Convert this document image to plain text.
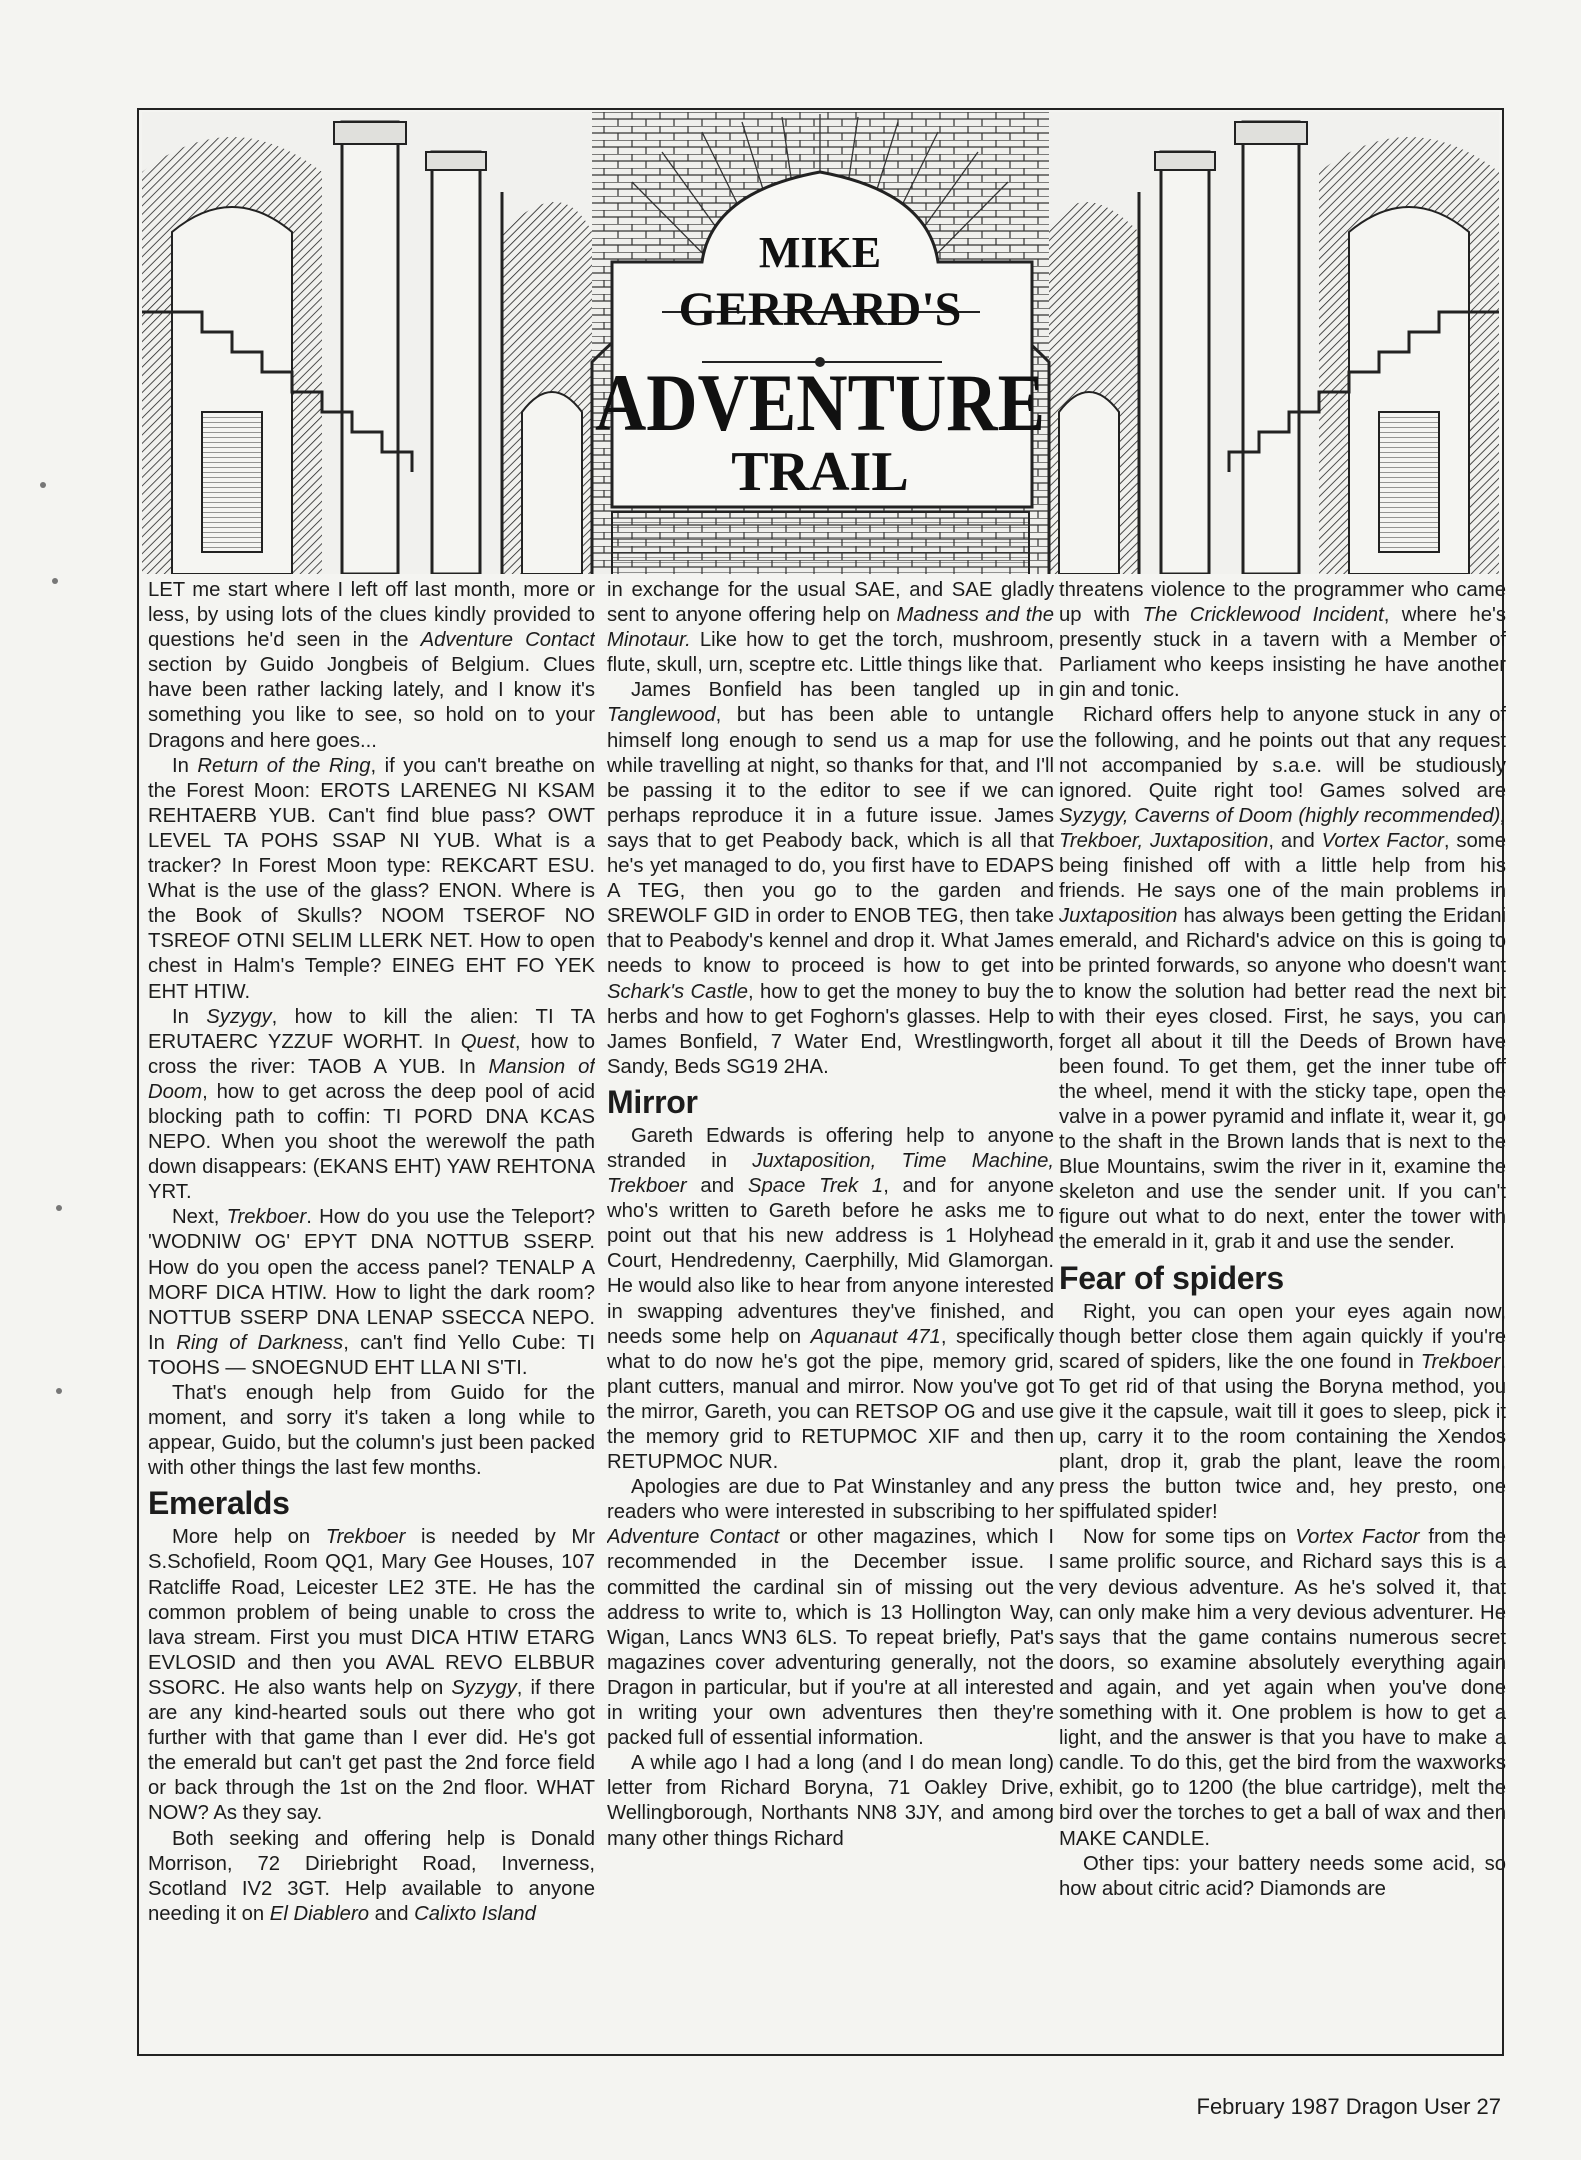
MIKE
GERRARD'S
ADVENTURE
TRAIL

LET me start where I left off last month, more or less, by using lots of the clues kindly provided to questions he'd seen in the Adventure Contact section by Guido Jongbeis of Belgium. Clues have been rather lacking lately, and I know it's something you like to see, so hold on to your Dragons and here goes...

In Return of the Ring, if you can't breathe on the Forest Moon: EROTS LARENEG NI KSAM REHTAERB YUB. Can't find blue pass? OWT LEVEL TA POHS SSAP NI YUB. What is a tracker? In Forest Moon type: REKCART ESU. What is the use of the glass? ENON. Where is the Book of Skulls? NOOM TSEROF NO TSREOF OTNI SELIM LLERK NET. How to open chest in Halm's Temple? EINEG EHT FO YEK EHT HTIW.

In Syzygy, how to kill the alien: TI TA ERUTAERC YZZUF WORHT. In Quest, how to cross the river: TAOB A YUB. In Mansion of Doom, how to get across the deep pool of acid blocking path to coffin: TI PORD DNA KCAS NEPO. When you shoot the werewolf the path down disappears: (EKANS EHT) YAW REHTONA YRT.

Next, Trekboer. How do you use the Teleport? 'WODNIW OG' EPYT DNA NOTTUB SSERP. How do you open the access panel? TENALP A MORF DICA HTIW. How to light the dark room? NOTTUB SSERP DNA LENAP SSECCA NEPO. In Ring of Darkness, can't find Yello Cube: TI TOOHS — SNOEGNUD EHT LLA NI S'TI.

That's enough help from Guido for the moment, and sorry it's taken a long while to appear, Guido, but the column's just been packed with other things the last few months.

Emeralds

More help on Trekboer is needed by Mr S.Schofield, Room QQ1, Mary Gee Houses, 107 Ratcliffe Road, Leicester LE2 3TE. He has the common problem of being unable to cross the lava stream. First you must DICA HTIW ETARG EVLOSID and then you AVAL REVO ELBBUR SSORC. He also wants help on Syzygy, if there are any kind-hearted souls out there who got further with that game than I ever did. He's got the emerald but can't get past the 2nd force field or back through the 1st on the 2nd floor. WHAT NOW? As they say.

Both seeking and offering help is Donald Morrison, 72 Diriebright Road, Inverness, Scotland IV2 3GT. Help available to anyone needing it on El Diablero and Calixto Island

in exchange for the usual SAE, and SAE gladly sent to anyone offering help on Madness and the Minotaur. Like how to get the torch, mushroom, flute, skull, urn, sceptre etc. Little things like that.

James Bonfield has been tangled up in Tanglewood, but has been able to untangle himself long enough to send us a map for use while travelling at night, so thanks for that, and I'll be passing it to the editor to see if we can perhaps reproduce it in a future issue. James says that to get Peabody back, which is all that he's yet managed to do, you first have to EDAPS A TEG, then you go to the garden and SREWOLF GID in order to ENOB TEG, then take that to Peabody's kennel and drop it. What James needs to know to proceed is how to get into Schark's Castle, how to get the money to buy the herbs and how to get Foghorn's glasses. Help to James Bonfield, 7 Water End, Wrestlingworth, Sandy, Beds SG19 2HA.

Mirror

Gareth Edwards is offering help to anyone stranded in Juxtaposition, Time Machine, Trekboer and Space Trek 1, and for anyone who's written to Gareth before he asks me to point out that his new address is 1 Holyhead Court, Hendredenny, Caerphilly, Mid Glamorgan. He would also like to hear from anyone interested in swapping adventures they've finished, and needs some help on Aquanaut 471, specifically what to do now he's got the pipe, memory grid, plant cutters, manual and mirror. Now you've got the mirror, Gareth, you can RETSOP OG and use the memory grid to RETUPMOC XIF and then RETUPMOC NUR.

Apologies are due to Pat Winstanley and any readers who were interested in subscribing to her Adventure Contact or other magazines, which I recommended in the December issue. I committed the cardinal sin of missing out the address to write to, which is 13 Hollington Way, Wigan, Lancs WN3 6LS. To repeat briefly, Pat's magazines cover adventuring generally, not the Dragon in particular, but if you're at all interested in writing your own adventures then they're packed full of essential information.

A while ago I had a long (and I do mean long) letter from Richard Boryna, 71 Oakley Drive, Wellingborough, Northants NN8 3JY, and among many other things Richard

threatens violence to the programmer who came up with The Cricklewood Incident, where he's presently stuck in a tavern with a Member of Parliament who keeps insisting he have another gin and tonic.

Richard offers help to anyone stuck in any of the following, and he points out that any request not accompanied by s.a.e. will be studiously ignored. Quite right too! Games solved are Syzygy, Caverns of Doom (highly recommended), Trekboer, Juxtaposition, and Vortex Factor, some being finished off with a little help from his friends. He says one of the main problems in Juxtaposition has always been getting the Eridani emerald, and Richard's advice on this is going to be printed forwards, so anyone who doesn't want to know the solution had better read the next bit with their eyes closed. First, he says, you can forget all about it till the Deeds of Brown have been found. To get them, get the inner tube off the wheel, mend it with the sticky tape, open the valve in a power pyramid and inflate it, wear it, go to the shaft in the Brown lands that is next to the Blue Mountains, swim the river in it, examine the skeleton and use the sender unit. If you can't figure out what to do next, enter the tower with the emerald in it, grab it and use the sender.

Fear of spiders

Right, you can open your eyes again now, though better close them again quickly if you're scared of spiders, like the one found in Trekboer. To get rid of that using the Boryna method, you give it the capsule, wait till it goes to sleep, pick it up, carry it to the room containing the Xendos plant, drop it, grab the plant, leave the room, press the button twice and, hey presto, one spiffulated spider!

Now for some tips on Vortex Factor from the same prolific source, and Richard says this is a very devious adventure. As he's solved it, that can only make him a very devious adventurer. He says that the game contains numerous secret doors, so examine absolutely everything again and again, and yet again when you've done something with it. One problem is how to get a light, and the answer is that you have to make a candle. To do this, get the bird from the waxworks exhibit, go to 1200 (the blue cartridge), melt the bird over the torches to get a ball of wax and then MAKE CANDLE.

Other tips: your battery needs some acid, so how about citric acid? Diamonds are

February 1987 Dragon User 27
